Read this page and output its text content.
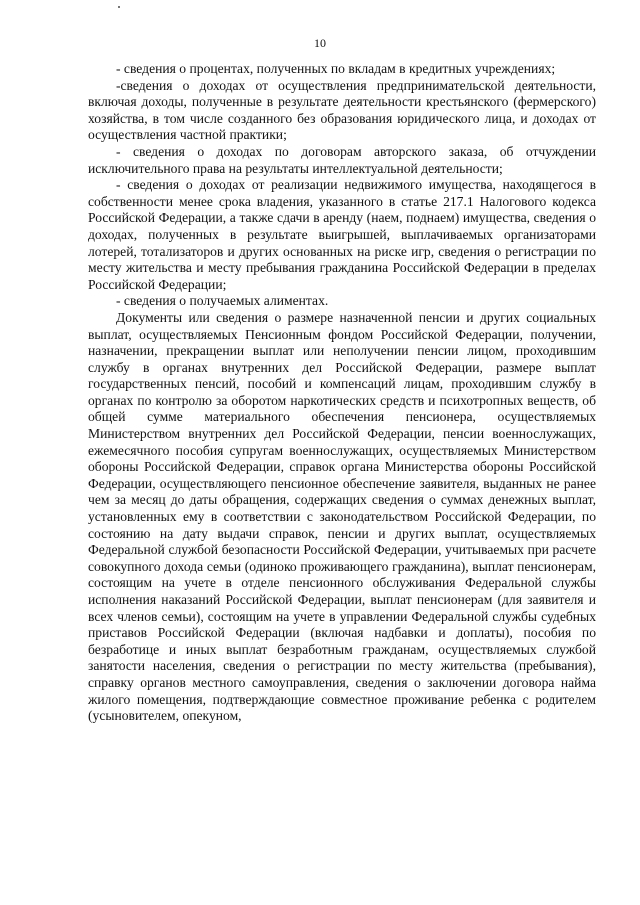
10

- сведения о процентах, полученных по вкладам в кредитных учреждениях;

-сведения о доходах от осуществления предпринимательской деятельности, включая доходы, полученные в результате деятельности крестьянского (фермерского) хозяйства, в том числе созданного без образования юридического лица, и доходах от осуществления частной практики;

- сведения о доходах по договорам авторского заказа, об отчуждении исключительного права на результаты интеллектуальной деятельности;

- сведения о доходах от реализации недвижимого имущества, находящегося в собственности менее срока владения, указанного в статье 217.1 Налогового кодекса Российской Федерации, а также сдачи в аренду (наем, поднаем) имущества, сведения о доходах, полученных в результате выигрышей, выплачиваемых организаторами лотерей, тотализаторов и других основанных на риске игр, сведения о регистрации по месту жительства и месту пребывания гражданина Российской Федерации в пределах Российской Федерации;

- сведения о получаемых алиментах.

Документы или сведения о размере назначенной пенсии и других социальных выплат, осуществляемых Пенсионным фондом Российской Федерации, получении, назначении, прекращении выплат или неполучении пенсии лицом, проходившим службу в органах внутренних дел Российской Федерации, размере выплат государственных пенсий, пособий и компенсаций лицам, проходившим службу в органах по контролю за оборотом наркотических средств и психотропных веществ, об общей сумме материального обеспечения пенсионера, осуществляемых Министерством внутренних дел Российской Федерации, пенсии военнослужащих, ежемесячного пособия супругам военнослужащих, осуществляемых Министерством обороны Российской Федерации, справок органа Министерства обороны Российской Федерации, осуществляющего пенсионное обеспечение заявителя, выданных не ранее чем за месяц до даты обращения, содержащих сведения о суммах денежных выплат, установленных ему в соответствии с законодательством Российской Федерации, по состоянию на дату выдачи справок, пенсии и других выплат, осуществляемых Федеральной службой безопасности Российской Федерации, учитываемых при расчете совокупного дохода семьи (одиноко проживающего гражданина), выплат пенсионерам, состоящим на учете в отделе пенсионного обслуживания Федеральной службы исполнения наказаний Российской Федерации, выплат пенсионерам (для заявителя и всех членов семьи), состоящим на учете в управлении Федеральной службы судебных приставов Российской Федерации (включая надбавки и доплаты), пособия по безработице и иных выплат безработным гражданам, осуществляемых службой занятости населения, сведения о регистрации по месту жительства (пребывания), справку органов местного самоуправления, сведения о заключении договора найма жилого помещения, подтверждающие совместное проживание ребенка с родителем (усыновителем, опекуном,
